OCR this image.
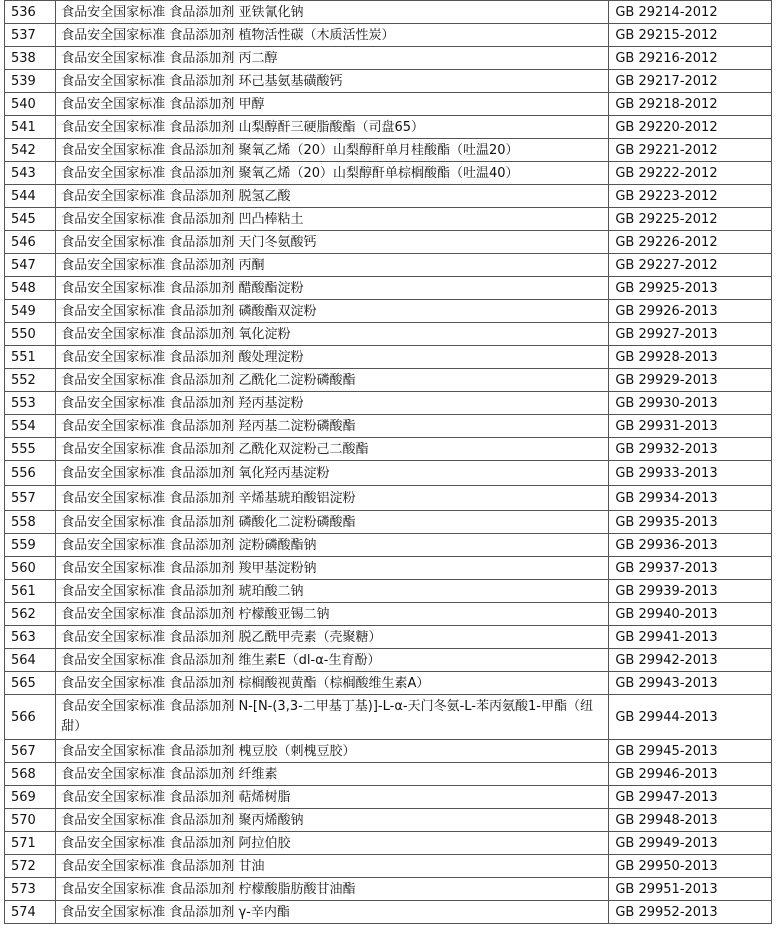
536	食品安全国家标准 食品添加剂 亚铁氰化钠	GB 29214-2012
537	食品安全国家标准 食品添加剂 植物活性碳（木质活性炭）	GB 29215-2012
538	食品安全国家标准 食品添加剂 丙二醇	GB 29216-2012
539	食品安全国家标准 食品添加剂 环己基氨基磺酸钙	GB 29217-2012
540	食品安全国家标准 食品添加剂 甲醇	GB 29218-2012
541	食品安全国家标准 食品添加剂 山梨醇酐三硬脂酸酯（司盘65）	GB 29220-2012
542	食品安全国家标准 食品添加剂 聚氧乙烯（20）山梨醇酐单月桂酸酯（吐温20）	GB 29221-2012
543	食品安全国家标准 食品添加剂 聚氧乙烯（20）山梨醇酐单棕榈酸酯（吐温40）	GB 29222-2012
544	食品安全国家标准 食品添加剂 脱氢乙酸	GB 29223-2012
545	食品安全国家标准 食品添加剂 凹凸棒粘土	GB 29225-2012
546	食品安全国家标准 食品添加剂 天门冬氨酸钙	GB 29226-2012
547	食品安全国家标准 食品添加剂 丙酮	GB 29227-2012
548	食品安全国家标准 食品添加剂 醋酸酯淀粉	GB 29925-2013
549	食品安全国家标准 食品添加剂 磷酸酯双淀粉	GB 29926-2013
550	食品安全国家标准 食品添加剂 氧化淀粉	GB 29927-2013
551	食品安全国家标准 食品添加剂 酸处理淀粉	GB 29928-2013
552	食品安全国家标准 食品添加剂 乙酰化二淀粉磷酸酯	GB 29929-2013
553	食品安全国家标准 食品添加剂 羟丙基淀粉	GB 29930-2013
554	食品安全国家标准 食品添加剂 羟丙基二淀粉磷酸酯	GB 29931-2013
555	食品安全国家标准 食品添加剂 乙酰化双淀粉己二酸酯	GB 29932-2013
556	食品安全国家标准 食品添加剂 氧化羟丙基淀粉	GB 29933-2013
557	食品安全国家标准 食品添加剂 辛烯基琥珀酸铝淀粉	GB 29934-2013
558	食品安全国家标准 食品添加剂 磷酸化二淀粉磷酸酯	GB 29935-2013
559	食品安全国家标准 食品添加剂 淀粉磷酸酯钠	GB 29936-2013
560	食品安全国家标准 食品添加剂 羧甲基淀粉钠	GB 29937-2013
561	食品安全国家标准 食品添加剂 琥珀酸二钠	GB 29939-2013
562	食品安全国家标准 食品添加剂 柠檬酸亚锡二钠	GB 29940-2013
563	食品安全国家标准 食品添加剂 脱乙酰甲壳素（壳聚糖）	GB 29941-2013
564	食品安全国家标准 食品添加剂 维生素E（dl-α-生育酚）	GB 29942-2013
565	食品安全国家标准 食品添加剂 棕榈酸视黄酯（棕榈酸维生素A）	GB 29943-2013
566	食品安全国家标准 食品添加剂 N-[N-(3,3-二甲基丁基)]-L-α-天门冬氨-L-苯丙氨酸1-甲酯（纽甜）	GB 29944-2013
567	食品安全国家标准 食品添加剂 槐豆胶（刺槐豆胶）	GB 29945-2013
568	食品安全国家标准 食品添加剂 纤维素	GB 29946-2013
569	食品安全国家标准 食品添加剂 萜烯树脂	GB 29947-2013
570	食品安全国家标准 食品添加剂 聚丙烯酸钠	GB 29948-2013
571	食品安全国家标准 食品添加剂 阿拉伯胶	GB 29949-2013
572	食品安全国家标准 食品添加剂 甘油	GB 29950-2013
573	食品安全国家标准 食品添加剂 柠檬酸脂肪酸甘油酯	GB 29951-2013
574	食品安全国家标准 食品添加剂 γ-辛内酯	GB 29952-2013
